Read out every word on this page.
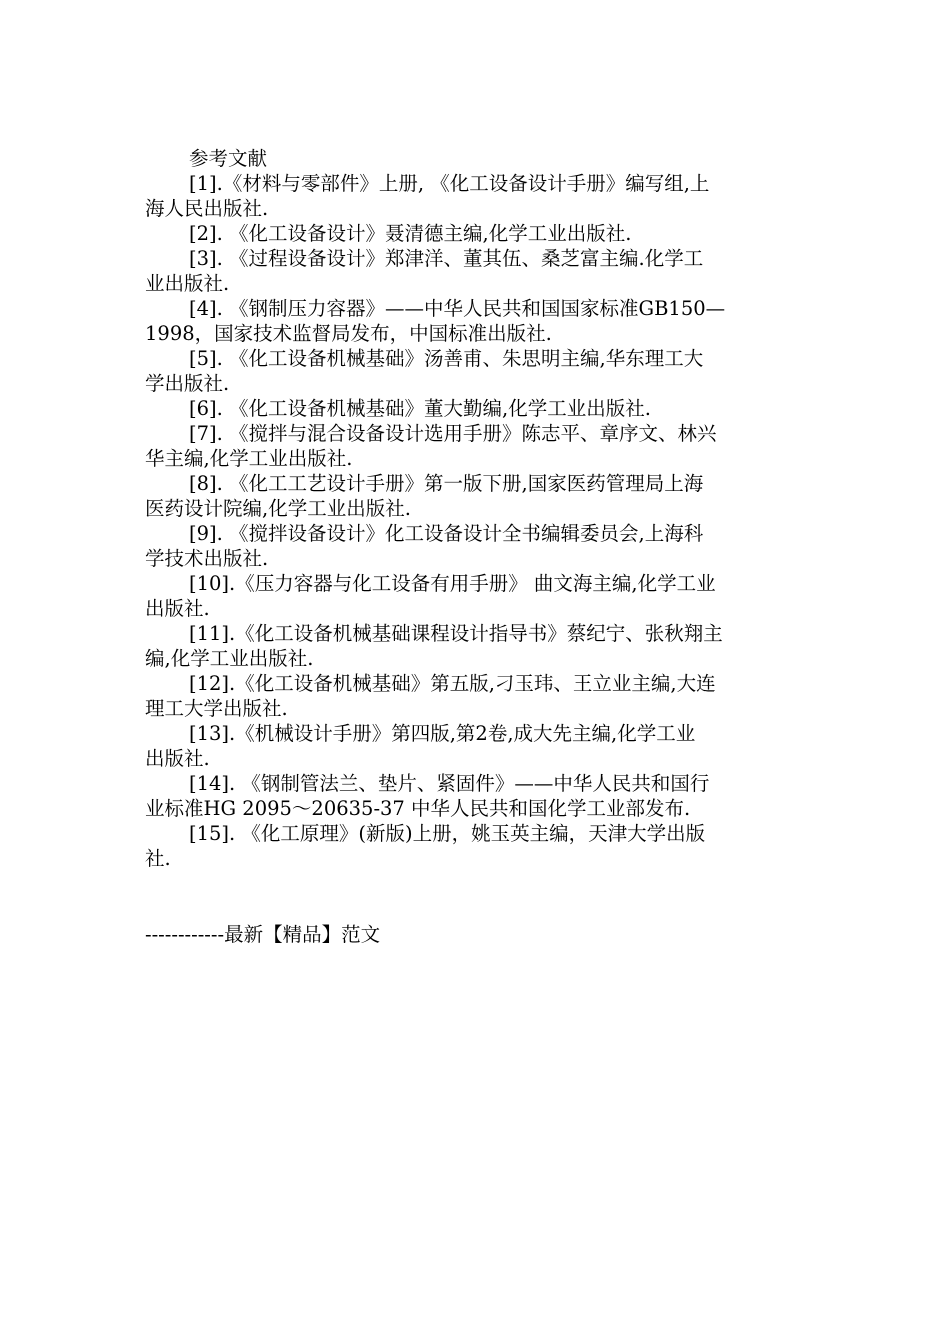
参考文献

[1].《材料与零部件》上册, 《化工设备设计手册》编写组,上
海人民出版社.

[2]. 《化工设备设计》聂清德主编,化学工业出版社.

[3]. 《过程设备设计》郑津洋、董其伍、桑芝富主编.化学工
业出版社.

[4]. 《钢制压力容器》——中华人民共和国国家标准GB150—
1998，国家技术监督局发布，中国标准出版社.

[5]. 《化工设备机械基础》汤善甫、朱思明主编,华东理工大
学出版社.

[6]. 《化工设备机械基础》董大勤编,化学工业出版社.

[7]. 《搅拌与混合设备设计选用手册》陈志平、章序文、林兴
华主编,化学工业出版社.

[8]. 《化工工艺设计手册》第一版下册,国家医药管理局上海
医药设计院编,化学工业出版社.

[9]. 《搅拌设备设计》化工设备设计全书编辑委员会,上海科
学技术出版社.

[10].《压力容器与化工设备有用手册》 曲文海主编,化学工业
出版社.

[11].《化工设备机械基础课程设计指导书》蔡纪宁、张秋翔主
编,化学工业出版社.

[12].《化工设备机械基础》第五版,刁玉玮、王立业主编,大连
理工大学出版社.

[13].《机械设计手册》第四版,第2卷,成大先主编,化学工业
出版社.

[14]. 《钢制管法兰、垫片、紧固件》——中华人民共和国行
业标准HG 2095～20635-37 中华人民共和国化学工业部发布.

[15]. 《化工原理》(新版)上册，姚玉英主编，天津大学出版
社.

------------最新【精品】范文
